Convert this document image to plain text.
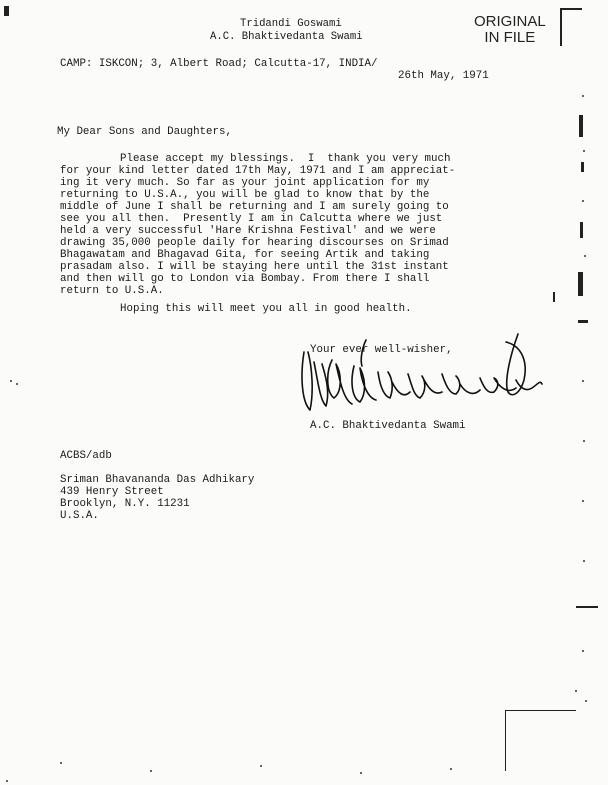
ORIGINAL
IN FILE
Tridandi Goswami
A.C. Bhaktivedanta Swami
CAMP: ISKCON; 3, Albert Road; Calcutta-17, INDIA/
26th May, 1971
My Dear Sons and Daughters,
Please accept my blessings.  I  thank you very much
for your kind letter dated 17th May, 1971 and I am appreciat-
ing it very much. So far as your joint application for my
returning to U.S.A., you will be glad to know that by the
middle of June I shall be returning and I am surely going to
see you all then.  Presently I am in Calcutta where we just
held a very successful 'Hare Krishna Festival' and we were
drawing 35,000 people daily for hearing discourses on Srimad
Bhagawatam and Bhagavad Gita, for seeing Artik and taking
prasadam also. I will be staying here until the 31st instant
and then will go to London via Bombay. From there I shall
return to U.S.A.
Hoping this will meet you all in good health.
Your ever well-wisher,
A.C. Bhaktivedanta Swami
ACBS/adb
Sriman Bhavananda Das Adhikary
439 Henry Street
Brooklyn, N.Y. 11231
U.S.A.
